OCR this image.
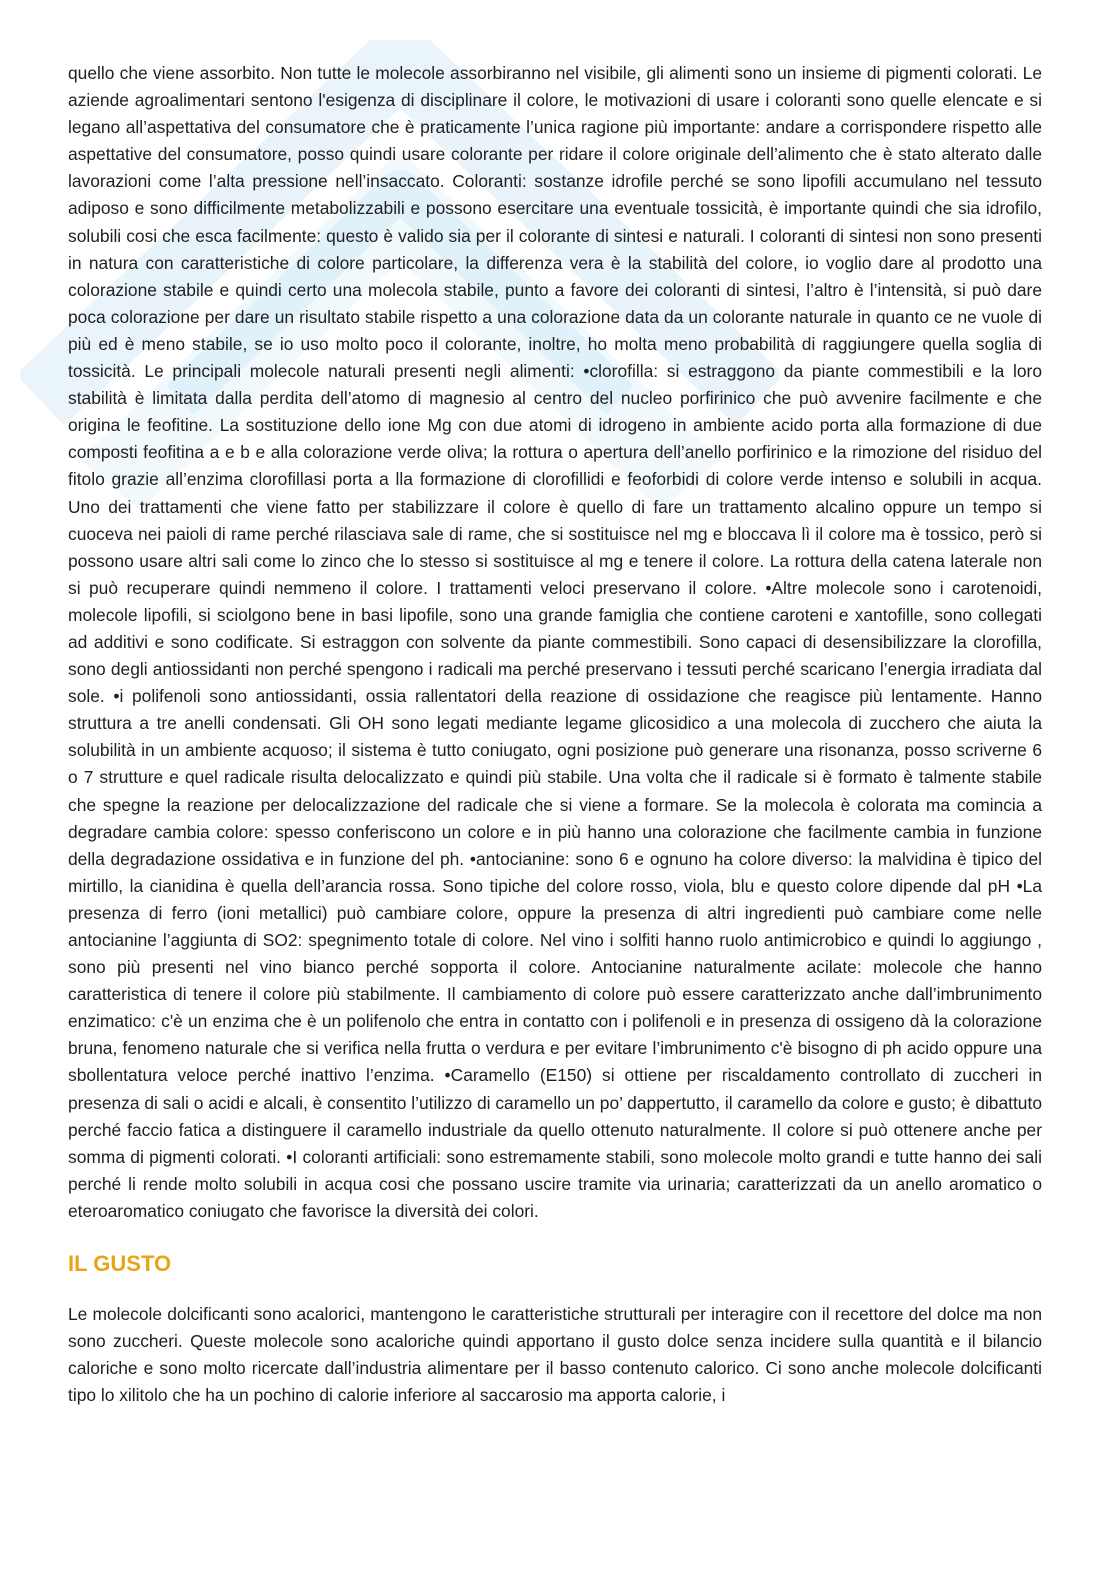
quello che viene assorbito. Non tutte le molecole assorbiranno nel visibile, gli alimenti sono un insieme di pigmenti colorati. Le aziende agroalimentari sentono l'esigenza di disciplinare il colore, le motivazioni di usare i coloranti sono quelle elencate e si legano all’aspettativa del consumatore che è praticamente l’unica ragione più importante: andare a corrispondere rispetto alle aspettative del consumatore, posso quindi usare colorante per ridare il colore originale dell’alimento che è stato alterato dalle lavorazioni come l’alta pressione nell’insaccato. Coloranti: sostanze idrofile perché se sono lipofili accumulano nel tessuto adiposo e sono difficilmente metabolizzabili e possono esercitare una eventuale tossicità, è importante quindi che sia idrofilo, solubili cosi che esca facilmente: questo è valido sia per il colorante di sintesi e naturali. I coloranti di sintesi non sono presenti in natura con caratteristiche di colore particolare, la differenza vera è la stabilità del colore, io voglio dare al prodotto una colorazione stabile e quindi certo una molecola stabile, punto a favore dei coloranti di sintesi, l’altro è l’intensità, si può dare poca colorazione per dare un risultato stabile rispetto a una colorazione data da un colorante naturale in quanto ce ne vuole di più ed è meno stabile, se io uso molto poco il colorante, inoltre, ho molta meno probabilità di raggiungere quella soglia di tossicità. Le principali molecole naturali presenti negli alimenti: •clorofilla: si estraggono da piante commestibili e la loro stabilità è limitata dalla perdita dell’atomo di magnesio al centro del nucleo porfirinico che può avvenire facilmente e che origina le feofitine. La sostituzione dello ione Mg con due atomi di idrogeno in ambiente acido porta alla formazione di due composti feofitina a e b e alla colorazione verde oliva; la rottura o apertura dell’anello porfirinico e la rimozione del risiduo del fitolo grazie all’enzima clorofillasi porta a lla formazione di clorofillidi e feoforbidi di colore verde intenso e solubili in acqua. Uno dei trattamenti che viene fatto per stabilizzare il colore è quello di fare un trattamento alcalino oppure un tempo si cuoceva nei paioli di rame perché rilasciava sale di rame, che si sostituisce nel mg e bloccava lì il colore ma è tossico, però si possono usare altri sali come lo zinco che lo stesso si sostituisce al mg e tenere il colore. La rottura della catena laterale non si può recuperare quindi nemmeno il colore. I trattamenti veloci preservano il colore. •Altre molecole sono i carotenoidi, molecole lipofili, si sciolgono bene in basi lipofile, sono una grande famiglia che contiene caroteni e xantofille, sono collegati ad additivi e sono codificate. Si estraggon con solvente da piante commestibili. Sono capaci di desensibilizzare la clorofilla, sono degli antiossidanti non perché spengono i radicali ma perché preservano i tessuti perché scaricano l’energia irradiata dal sole. •i polifenoli sono antiossidanti, ossia rallentatori della reazione di ossidazione che reagisce più lentamente. Hanno struttura a tre anelli condensati. Gli OH sono legati mediante legame glicosidico a una molecola di zucchero che aiuta la solubilità in un ambiente acquoso; il sistema è tutto coniugato, ogni posizione può generare una risonanza, posso scriverne 6 o 7 strutture e quel radicale risulta delocalizzato e quindi più stabile. Una volta che il radicale si è formato è talmente stabile che spegne la reazione per delocalizzazione del radicale che si viene a formare. Se la molecola è colorata ma comincia a degradare cambia colore: spesso conferiscono un colore e in più hanno una colorazione che facilmente cambia in funzione della degradazione ossidativa e in funzione del ph. •antocianine: sono 6 e ognuno ha colore diverso: la malvidina è tipico del mirtillo, la cianidina è quella dell’arancia rossa. Sono tipiche del colore rosso, viola, blu e questo colore dipende dal pH •La presenza di ferro (ioni metallici) può cambiare colore, oppure la presenza di altri ingredienti può cambiare come nelle antocianine l’aggiunta di SO2: spegnimento totale di colore. Nel vino i solfiti hanno ruolo antimicrobico e quindi lo aggiungo , sono più presenti nel vino bianco perché sopporta il colore. Antocianine naturalmente acilate: molecole che hanno caratteristica di tenere il colore più stabilmente. Il cambiamento di colore può essere caratterizzato anche dall’imbrunimento enzimatico: c'è un enzima che è un polifenolo che entra in contatto con i polifenoli e in presenza di ossigeno dà la colorazione bruna, fenomeno naturale che si verifica nella frutta o verdura e per evitare l’imbrunimento c'è bisogno di ph acido oppure una sbollentatura veloce perché inattivo l’enzima. •Caramello (E150) si ottiene per riscaldamento controllato di zuccheri in presenza di sali o acidi e alcali, è consentito l’utilizzo di caramello un po’ dappertutto, il caramello da colore e gusto; è dibattuto perché faccio fatica a distinguere il caramello industriale da quello ottenuto naturalmente. Il colore si può ottenere anche per somma di pigmenti colorati. •I coloranti artificiali: sono estremamente stabili, sono molecole molto grandi e tutte hanno dei sali perché li rende molto solubili in acqua cosi che possano uscire tramite via urinaria; caratterizzati da un anello aromatico o eteroaromatico coniugato che favorisce la diversità dei colori.

IL GUSTO

Le molecole dolcificanti sono acalorici, mantengono le caratteristiche strutturali per interagire con il recettore del dolce ma non sono zuccheri. Queste molecole sono acaloriche quindi apportano il gusto dolce senza incidere sulla quantità e il bilancio caloriche e sono molto ricercate dall’industria alimentare per il basso contenuto calorico. Ci sono anche molecole dolcificanti tipo lo xilitolo che ha un pochino di calorie inferiore al saccarosio ma apporta calorie, i
